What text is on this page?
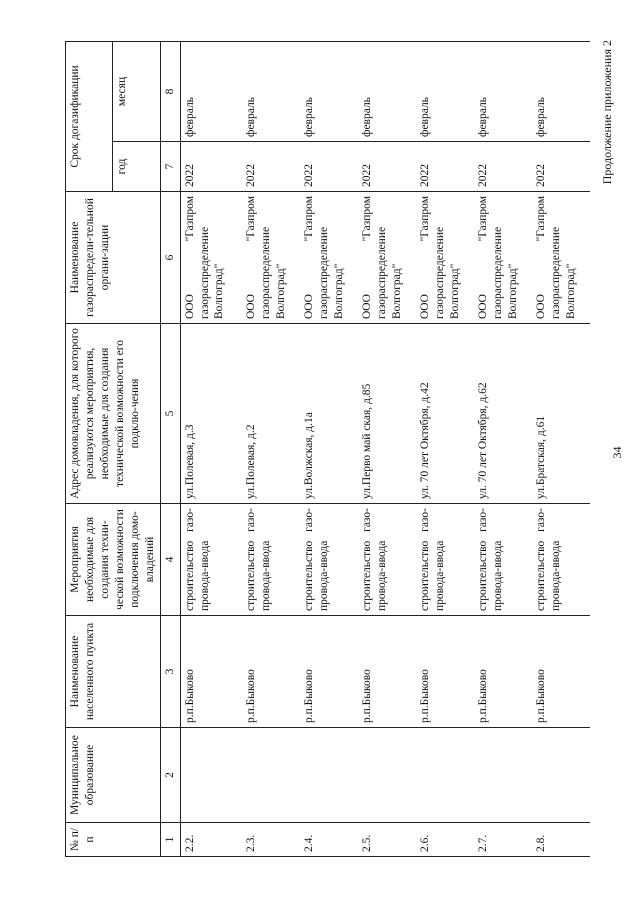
34
Продолжение приложения 2
№ п/п	Муниципальное образование	Наименование населенного пункта	Мероприятия необходимые для создания техни-ческой возможности подключения домо-владений	Адрес домовладения, для которого реализуются мероприятия, необходимые для создания технической возможности его подклю-чения	Наименование газораспредели-тельной органи-зации	Срок догазификации	
						год	месяц
1	2	3	4	5	6	7	8
2.2.		р.п.Быково	строительство газо-провода-ввода	ул.Полевая, д.3	ООО "Газпром газораспределение Волгоград"	2022	февраль
2.3.		р.п.Быково	строительство газо-провода-ввода	ул.Полевая, д.2	ООО "Газпром газораспределение Волгоград"	2022	февраль
2.4.		р.п.Быково	строительство газо-провода-ввода	ул.Волжская, д.1а	ООО "Газпром газораспределение Волгоград"	2022	февраль
2.5.		р.п.Быково	строительство газо-провода-ввода	ул.Перво май ская, д.85	ООО "Газпром газораспределение Волгоград"	2022	февраль
2.6.		р.п.Быково	строительство газо-провода-ввода	ул. 70 лет Октября, д.42	ООО "Газпром газораспределение Волгоград"	2022	февраль
2.7.		р.п.Быково	строительство газо-провода-ввода	ул. 70 лет Октября, д.62	ООО "Газпром газораспределение Волгоград"	2022	февраль
2.8.		р.п.Быково	строительство газо-провода-ввода	ул.Братская, д.61	ООО "Газпром газораспределение Волгоград"	2022	февраль
